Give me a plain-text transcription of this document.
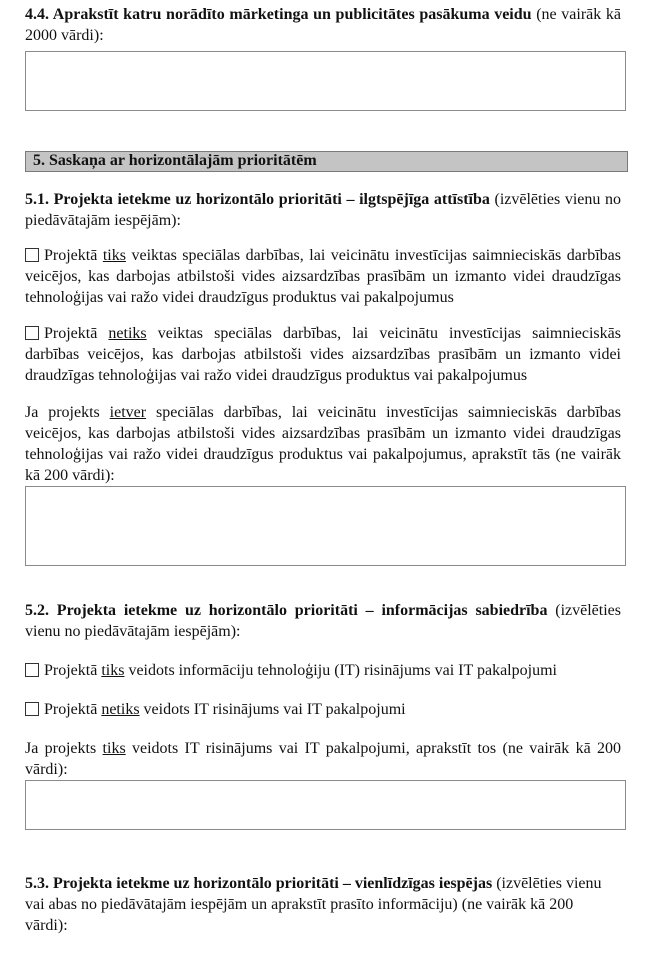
4.4. Aprakstīt katru norādīto mārketinga un publicitātes pasākuma veidu (ne vairāk kā 2000 vārdi):
5. Saskaņa ar horizontālajām prioritātēm
5.1. Projekta ietekme uz horizontālo prioritāti – ilgtspējīga attīstība (izvēlēties vienu no piedāvātajām iespējām):
Projektā tiks veiktas speciālas darbības, lai veicinātu investīcijas saimnieciskās darbības veicējos, kas darbojas atbilstoši vides aizsardzības prasībām un izmanto videi draudzīgas tehnoloģijas vai ražo videi draudzīgus produktus vai pakalpojumus
Projektā netiks veiktas speciālas darbības, lai veicinātu investīcijas saimnieciskās darbības veicējos, kas darbojas atbilstoši vides aizsardzības prasībām un izmanto videi draudzīgas tehnoloģijas vai ražo videi draudzīgus produktus vai pakalpojumus
Ja projekts ietver speciālas darbības, lai veicinātu investīcijas saimnieciskās darbības veicējos, kas darbojas atbilstoši vides aizsardzības prasībām un izmanto videi draudzīgas tehnoloģijas vai ražo videi draudzīgus produktus vai pakalpojumus, aprakstīt tās (ne vairāk kā 200 vārdi):
5.2. Projekta ietekme uz horizontālo prioritāti – informācijas sabiedrība (izvēlēties vienu no piedāvātajām iespējām):
Projektā tiks veidots informāciju tehnoloģiju (IT) risinājums vai IT pakalpojumi
Projektā netiks veidots IT risinājums vai IT pakalpojumi
Ja projekts tiks veidots IT risinājums vai IT pakalpojumi, aprakstīt tos (ne vairāk kā 200 vārdi):
5.3. Projekta ietekme uz horizontālo prioritāti – vienlīdzīgas iespējas (izvēlēties vienu vai abas no piedāvātajām iespējām un aprakstīt prasīto informāciju) (ne vairāk kā 200 vārdi):
